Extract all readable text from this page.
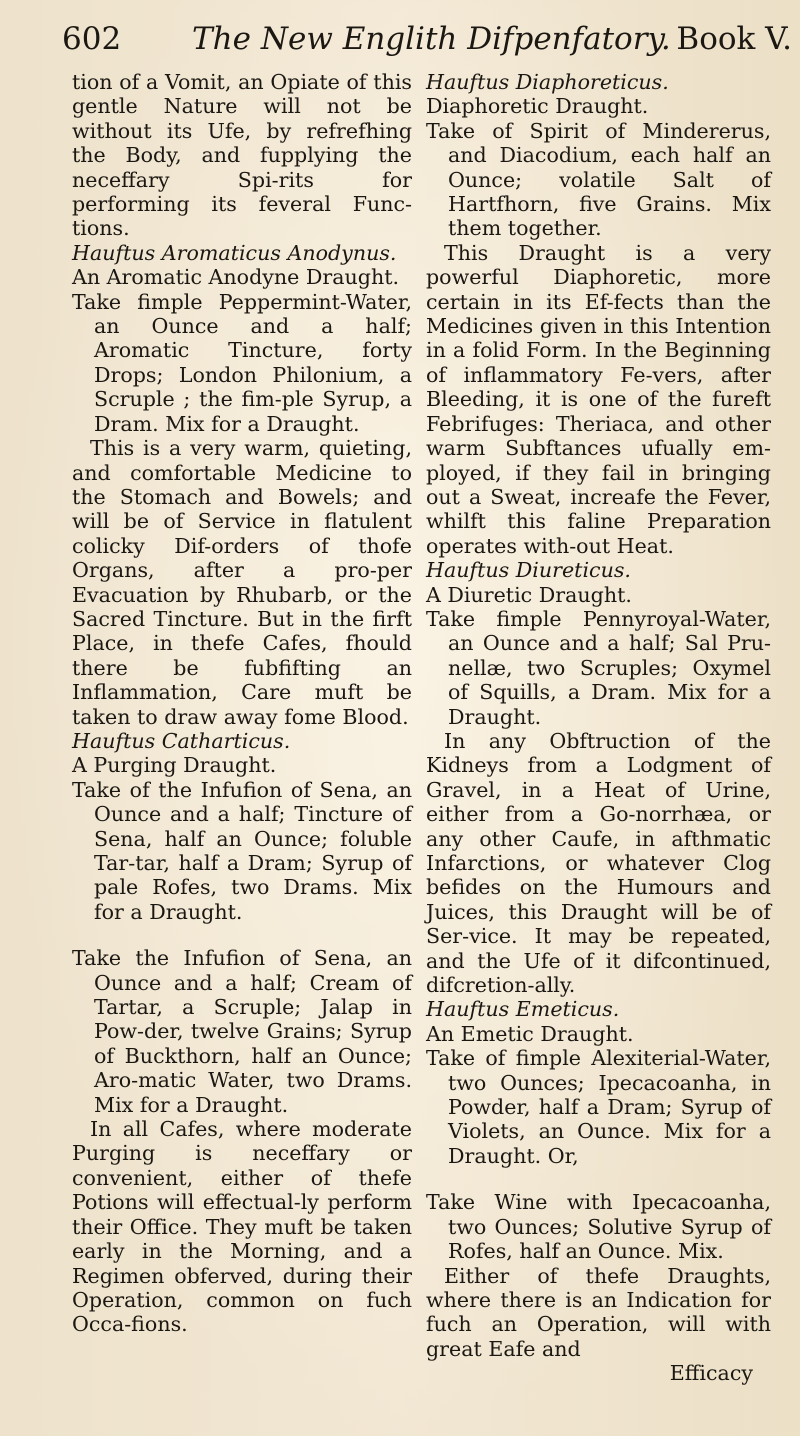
602 The New Englith Difpenfatory. Book V.

tion of a Vomit, an Opiate of this gentle Nature will not be without its Ufe, by refrefhing the Body, and fupplying the neceffary Spi-rits for performing its feveral Func-tions.

Hauftus Aromaticus Anodynus.

An Aromatic Anodyne Draught.

Take fimple Peppermint-Water, an Ounce and a half; Aromatic Tincture, forty Drops; London Philonium, a Scruple ; the fim-ple Syrup, a Dram. Mix for a Draught.

This is a very warm, quieting, and comfortable Medicine to the Stomach and Bowels; and will be of Service in flatulent colicky Dif-orders of thofe Organs, after a pro-per Evacuation by Rhubarb, or the Sacred Tincture. But in the firft Place, in thefe Cafes, fhould there be fubfifting an Inflammation, Care muft be taken to draw away fome Blood.

Hauftus Catharticus.

A Purging Draught.

Take of the Infufion of Sena, an Ounce and a half; Tincture of Sena, half an Ounce; foluble Tar-tar, half a Dram; Syrup of pale Rofes, two Drams. Mix for a Draught.

Take the Infufion of Sena, an Ounce and a half; Cream of Tartar, a Scruple; Jalap in Pow-der, twelve Grains; Syrup of Buckthorn, half an Ounce; Aro-matic Water, two Drams. Mix for a Draught.

In all Cafes, where moderate Purging is neceffary or convenient, either of thefe Potions will effectual-ly perform their Office. They muft be taken early in the Morning, and a Regimen obferved, during their Operation, common on fuch Occa-fions.

Hauftus Diaphoreticus.

Diaphoretic Draught.

Take of Spirit of Mindererus, and Diacodium, each half an Ounce; volatile Salt of Hartfhorn, five Grains. Mix them together.

This Draught is a very powerful Diaphoretic, more certain in its Ef-fects than the Medicines given in this Intention in a folid Form. In the Beginning of inflammatory Fe-vers, after Bleeding, it is one of the fureft Febrifuges: Theriaca, and other warm Subftances ufually em-ployed, if they fail in bringing out a Sweat, increafe the Fever, whilft this faline Preparation operates with-out Heat.

Hauftus Diureticus.

A Diuretic Draught.

Take fimple Pennyroyal-Water, an Ounce and a half; Sal Pru-nellæ, two Scruples; Oxymel of Squills, a Dram. Mix for a Draught.

In any Obftruction of the Kidneys from a Lodgment of Gravel, in a Heat of Urine, either from a Go-norrhæa, or any other Caufe, in afthmatic Infarctions, or whatever Clog befides on the Humours and Juices, this Draught will be of Ser-vice. It may be repeated, and the Ufe of it difcontinued, difcretion-ally.

Hauftus Emeticus.

An Emetic Draught.

Take of fimple Alexiterial-Water, two Ounces; Ipecacoanha, in Powder, half a Dram; Syrup of Violets, an Ounce. Mix for a Draught. Or,

Take Wine with Ipecacoanha, two Ounces; Solutive Syrup of Rofes, half an Ounce. Mix.

Either of thefe Draughts, where there is an Indication for fuch an Operation, will with great Eafe and

Efficacy
